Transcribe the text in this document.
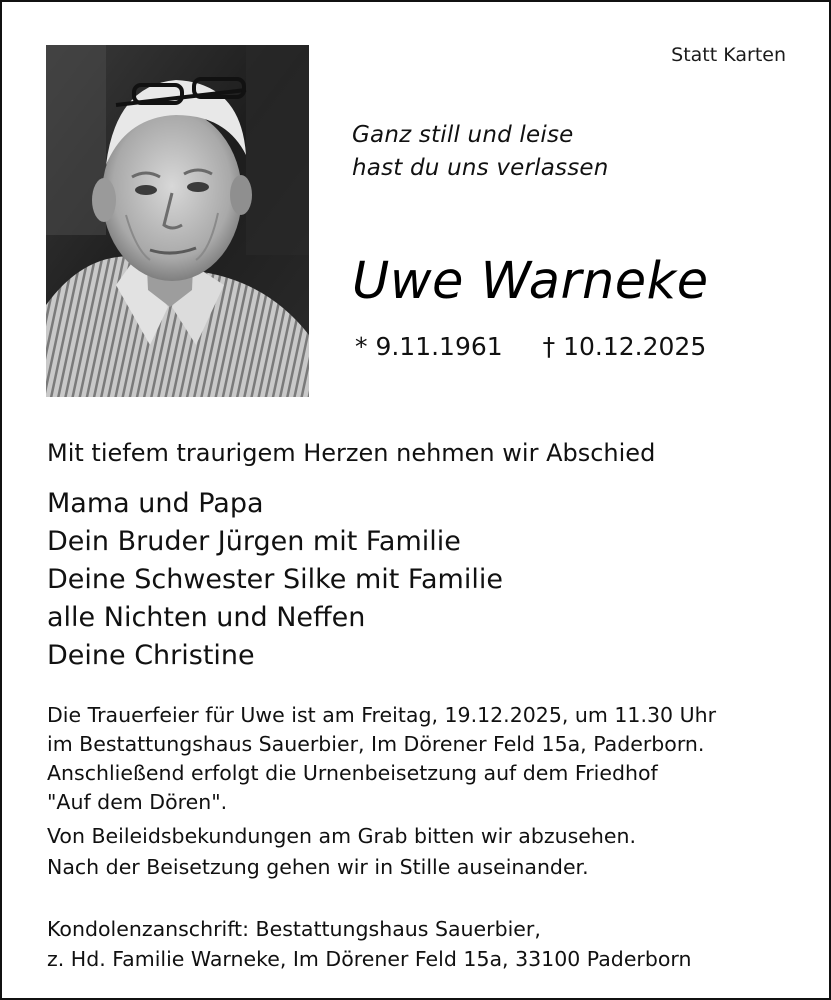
Statt Karten
Ganz still und leise
hast du uns verlassen
Uwe Warneke
* 9.11.1961 † 10.12.2025
Mit tiefem traurigem Herzen nehmen wir Abschied
Mama und Papa
Dein Bruder Jürgen mit Familie
Deine Schwester Silke mit Familie
alle Nichten und Neffen
Deine Christine
Die Trauerfeier für Uwe ist am Freitag, 19.12.2025, um 11.30 Uhr
im Bestattungshaus Sauerbier, Im Dörener Feld 15a, Paderborn.
Anschließend erfolgt die Urnenbeisetzung auf dem Friedhof
"Auf dem Dören".
Von Beileidsbekundungen am Grab bitten wir abzusehen.
Nach der Beisetzung gehen wir in Stille auseinander.
Kondolenzanschrift: Bestattungshaus Sauerbier,
z. Hd. Familie Warneke, Im Dörener Feld 15a, 33100 Paderborn
